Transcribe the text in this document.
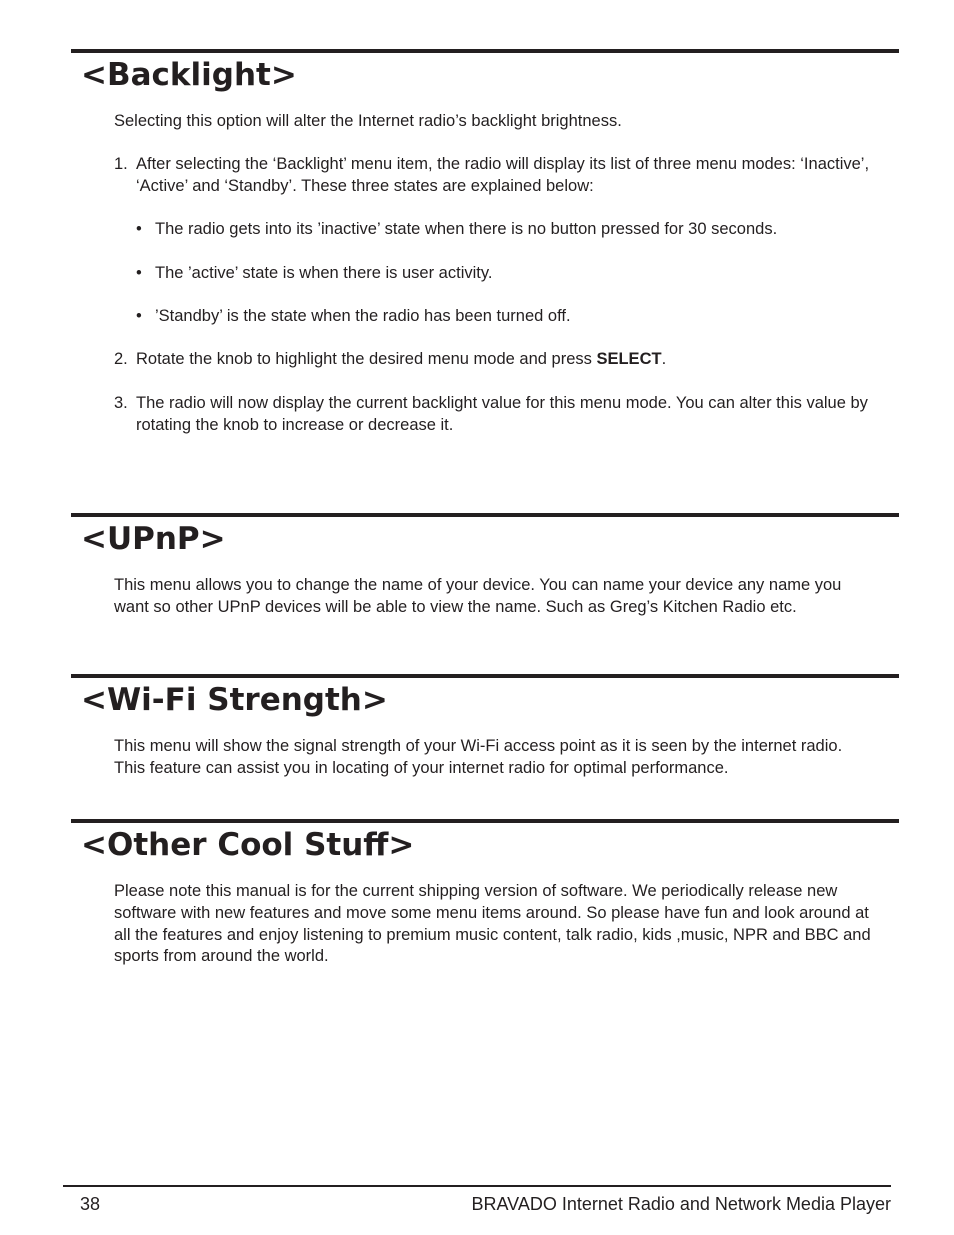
<Backlight>

Selecting this option will alter the Internet radio’s backlight brightness.

1. After selecting the ‘Backlight’ menu item, the radio will display its list of three menu modes: ‘Inactive’, ‘Active’ and ‘Standby’. These three states are explained below:
• The radio gets into its ’inactive’ state when there is no button pressed for 30 seconds.
• The ’active’ state is when there is user activity.
• ’Standby’ is the state when the radio has been turned off.
2. Rotate the knob to highlight the desired menu mode and press SELECT.
3. The radio will now display the current backlight value for this menu mode. You can alter this value by rotating the knob to increase or decrease it.
<UPnP>

This menu allows you to change the name of your device. You can name your device any name you want so other UPnP devices will be able to view the name. Such as Greg’s Kitchen Radio etc.

<Wi-Fi Strength>

This menu will show the signal strength of your Wi-Fi access point as it is seen by the internet radio. This feature can assist you in locating of your internet radio for optimal performance.

<Other Cool Stuff>

Please note this manual is for the current shipping version of software. We periodically release new software with new features and move some menu items around. So please have fun and look around at all the features and enjoy listening to premium music content, talk radio, kids ,music, NPR and BBC and sports from around the world.

38	BRAVADO Internet Radio and Network Media Player
